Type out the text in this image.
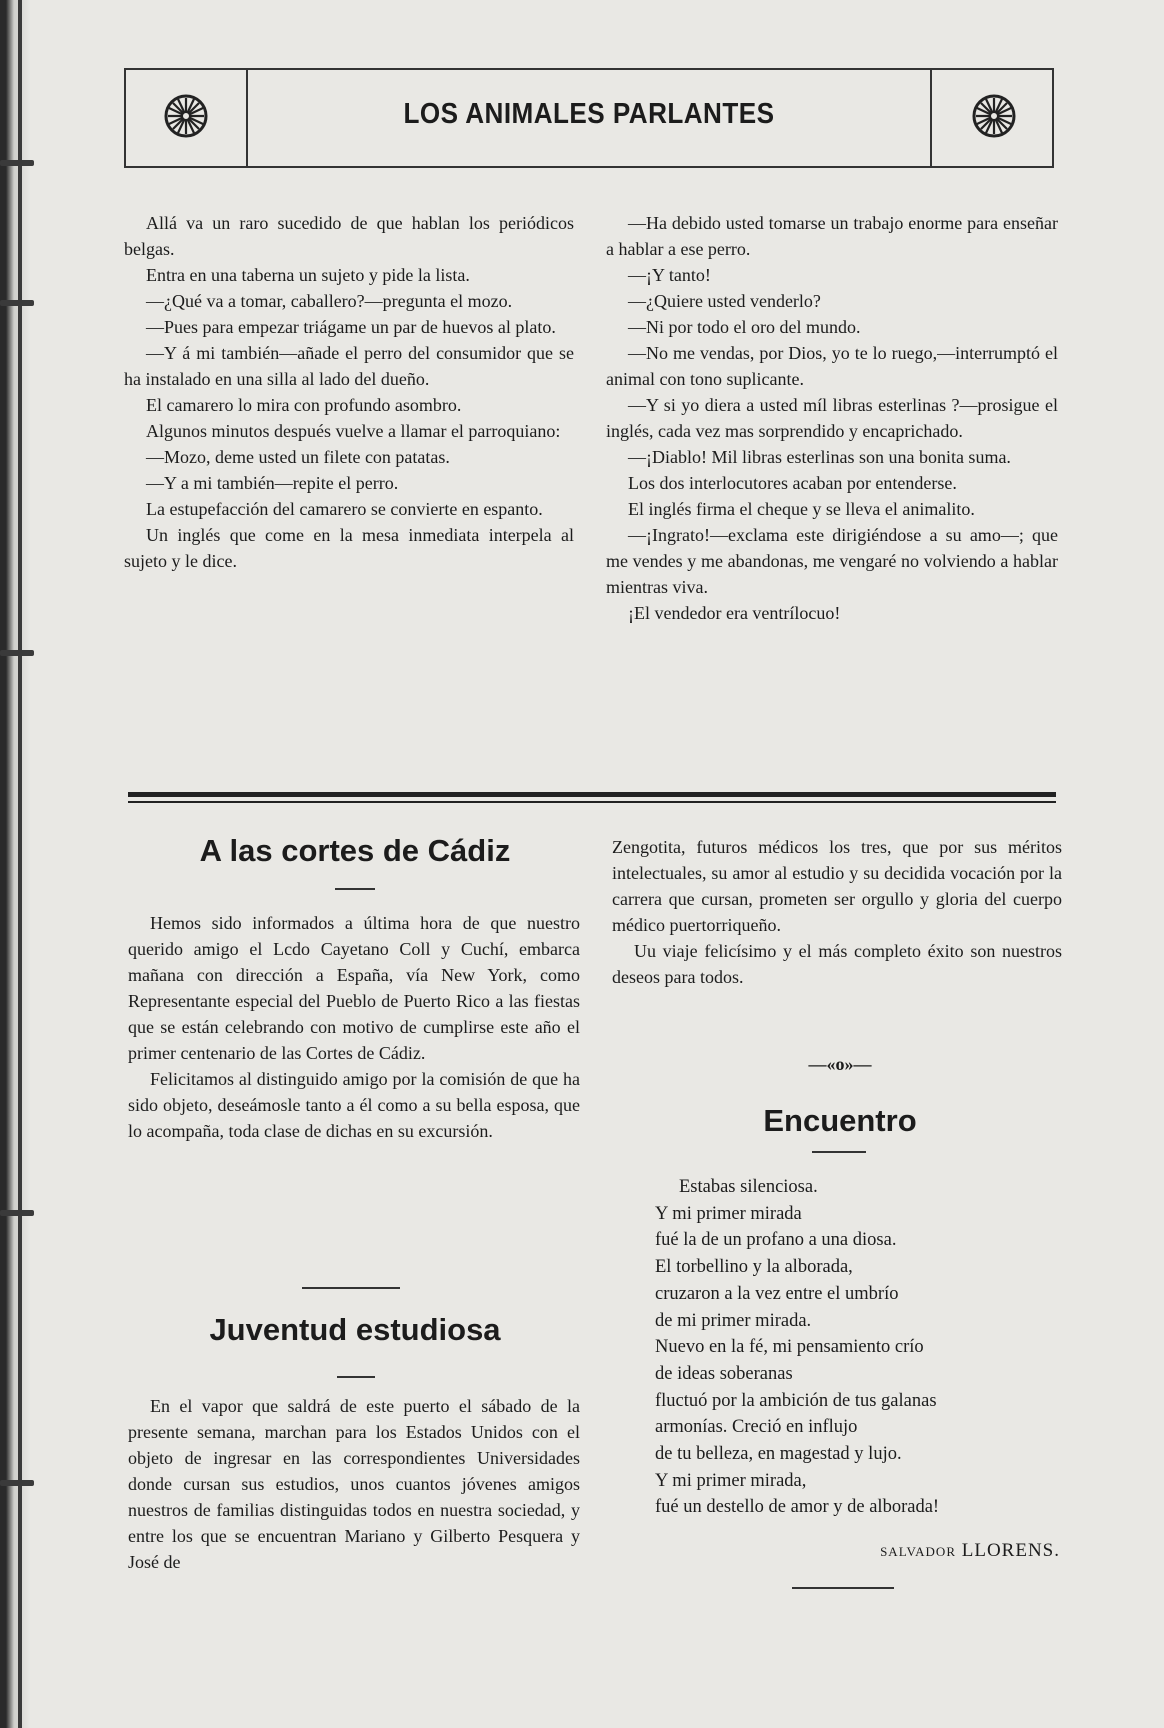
LOS ANIMALES PARLANTES

Allá va un raro sucedido de que hablan los periódicos belgas.

Entra en una taberna un sujeto y pide la lista.

—¿Qué va a tomar, caballero?—pregunta el mozo.

—Pues para empezar triágame un par de huevos al plato.

—Y á mi también—añade el perro del consumidor que se ha instalado en una silla al lado del dueño.

El camarero lo mira con profundo asombro.

Algunos minutos después vuelve a llamar el parroquiano:

—Mozo, deme usted un filete con patatas.

—Y a mi también—repite el perro.

La estupefacción del camarero se convierte en espanto.

Un inglés que come en la mesa inmediata interpela al sujeto y le dice.

—Ha debido usted tomarse un trabajo enorme para enseñar a hablar a ese perro.

—¡Y tanto!

—¿Quiere usted venderlo?

—Ni por todo el oro del mundo.

—No me vendas, por Dios, yo te lo ruego,—interrumptó el animal con tono suplicante.

—Y si yo diera a usted míl libras esterlinas ?—prosigue el inglés, cada vez mas sorprendido y encaprichado.

—¡Diablo! Mil libras esterlinas son una bonita suma.

Los dos interlocutores acaban por entenderse.

El inglés firma el cheque y se lleva el animalito.

—¡Ingrato!—exclama este dirigiéndose a su amo—; que me vendes y me abandonas, me vengaré no volviendo a hablar mientras viva.

¡El vendedor era ventrílocuo!

A las cortes de Cádiz

Hemos sido informados a última hora de que nuestro querido amigo el Lcdo Cayetano Coll y Cuchí, embarca mañana con dirección a España, vía New York, como Representante especial del Pueblo de Puerto Rico a las fiestas que se están celebrando con motivo de cumplirse este año el primer centenario de las Cortes de Cádiz.

Felicitamos al distinguido amigo por la comisión de que ha sido objeto, deseámosle tanto a él como a su bella esposa, que lo acompaña, toda clase de dichas en su excursión.

Juventud estudiosa

En el vapor que saldrá de este puerto el sábado de la presente semana, marchan para los Estados Unidos con el objeto de ingresar en las correspondientes Universidades donde cursan sus estudios, unos cuantos jóvenes amigos nuestros de familias distinguidas todos en nuestra sociedad, y entre los que se encuentran Mariano y Gilberto Pesquera y José de

Zengotita, futuros médicos los tres, que por sus méritos intelectuales, su amor al estudio y su decidida vocación por la carrera que cursan, prometen ser orgullo y gloria del cuerpo médico puertorriqueño.

Uu viaje felicísimo y el más completo éxito son nuestros deseos para todos.

—«o»—
Encuentro
Estabas silenciosa.
Y mi primer mirada
fué la de un profano a una diosa.
El torbellino y la alborada,
cruzaron a la vez entre el umbrío
de mi primer mirada.
Nuevo en la fé, mi pensamiento crío
de ideas soberanas
fluctuó por la ambición de tus galanas
armonías. Creció en influjo
de tu belleza, en magestad y lujo.
Y mi primer mirada,
fué un destello de amor y de alborada!
SALVADOR LLORENS.
